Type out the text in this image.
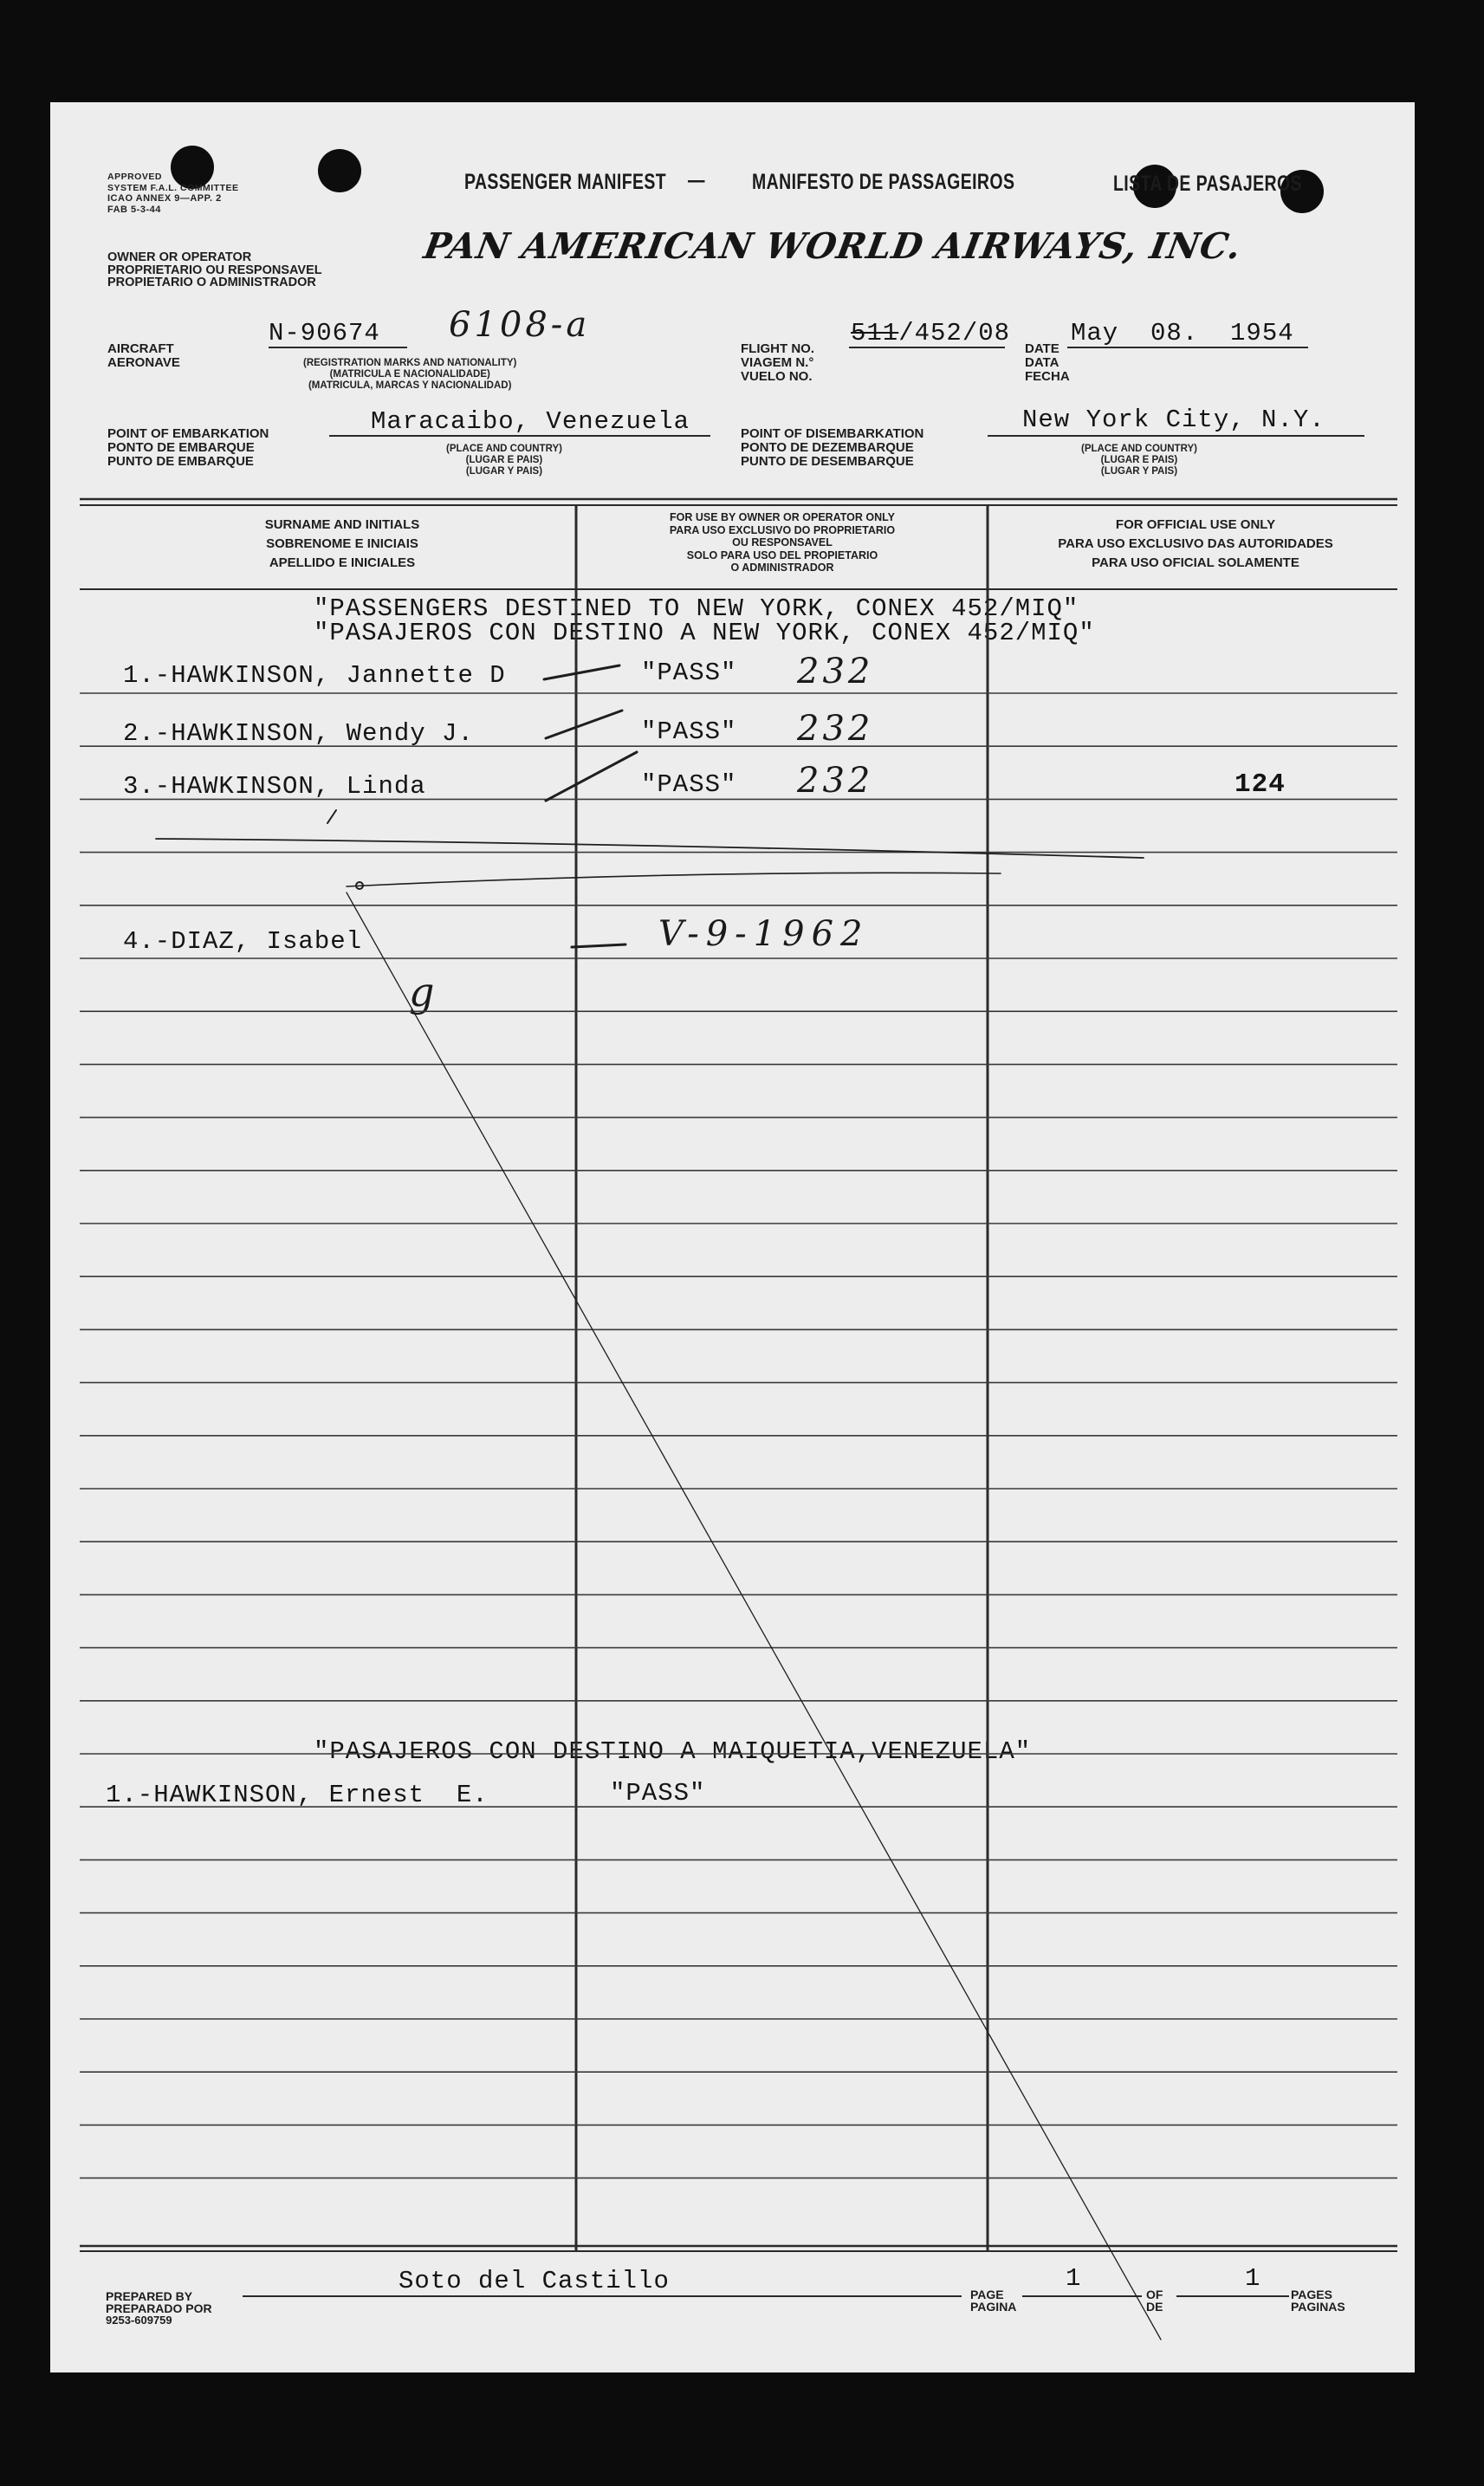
APPROVED
SYSTEM F.A.L. COMMITTEE
ICAO ANNEX 9—APP. 2
FAB 5-3-44
PASSENGER MANIFEST — MANIFESTO DE PASSAGEIROS	LISTA DE PASAJEROS
OWNER OR OPERATOR
PROPRIETARIO OU RESPONSAVEL
PROPIETARIO O ADMINISTRADOR
PAN AMERICAN WORLD AIRWAYS, INC.
AIRCRAFT
AERONAVE
N-90674 6108-a
(REGISTRATION MARKS AND NATIONALITY)
(MATRICULA E NACIONALIDADE)
(MATRICULA, MARCAS Y NACIONALIDAD)
FLIGHT NO.
VIAGEM N.°
VUELO NO.
511/452/08
DATE
DATA
FECHA
May  08.  1954
POINT OF EMBARKATION
PONTO DE EMBARQUE
PUNTO DE EMBARQUE
Maracaibo, Venezuela
(PLACE AND COUNTRY)
(LUGAR E PAIS)
(LUGAR Y PAIS)
POINT OF DISEMBARKATION
PONTO DE DEZEMBARQUE
PUNTO DE DESEMBARQUE
New York City, N.Y.
(PLACE AND COUNTRY)
(LUGAR E PAIS)
(LUGAR Y PAIS)
SURNAME AND INITIALS
SOBRENOME E INICIAIS
APELLIDO E INICIALES
FOR USE BY OWNER OR OPERATOR ONLY
PARA USO EXCLUSIVO DO PROPRIETARIO
OU RESPONSAVEL
SOLO PARA USO DEL PROPIETARIO
O ADMINISTRADOR
FOR OFFICIAL USE ONLY
PARA USO EXCLUSIVO DAS AUTORIDADES
PARA USO OFICIAL SOLAMENTE
"PASSENGERS DESTINED TO NEW YORK, CONEX 452/MIQ"
"PASAJEROS CON DESTINO A NEW YORK, CONEX 452/MIQ"
1.-HAWKINSON, Jannette D	"PASS" 232
2.-HAWKINSON, Wendy J.	"PASS" 232
3.-HAWKINSON, Linda	"PASS" 232	124
4.-DIAZ, Isabel	V-9-1962
g
"PASAJEROS CON DESTINO A MAIQUETIA,VENEZUELA"
1.-HAWKINSON, Ernest  E.	"PASS"
PREPARED BY
PREPARADO POR
9253-609759
Soto del Castillo	PAGE
PAGINA
1
OF
DE
1
PAGES
PAGINAS
